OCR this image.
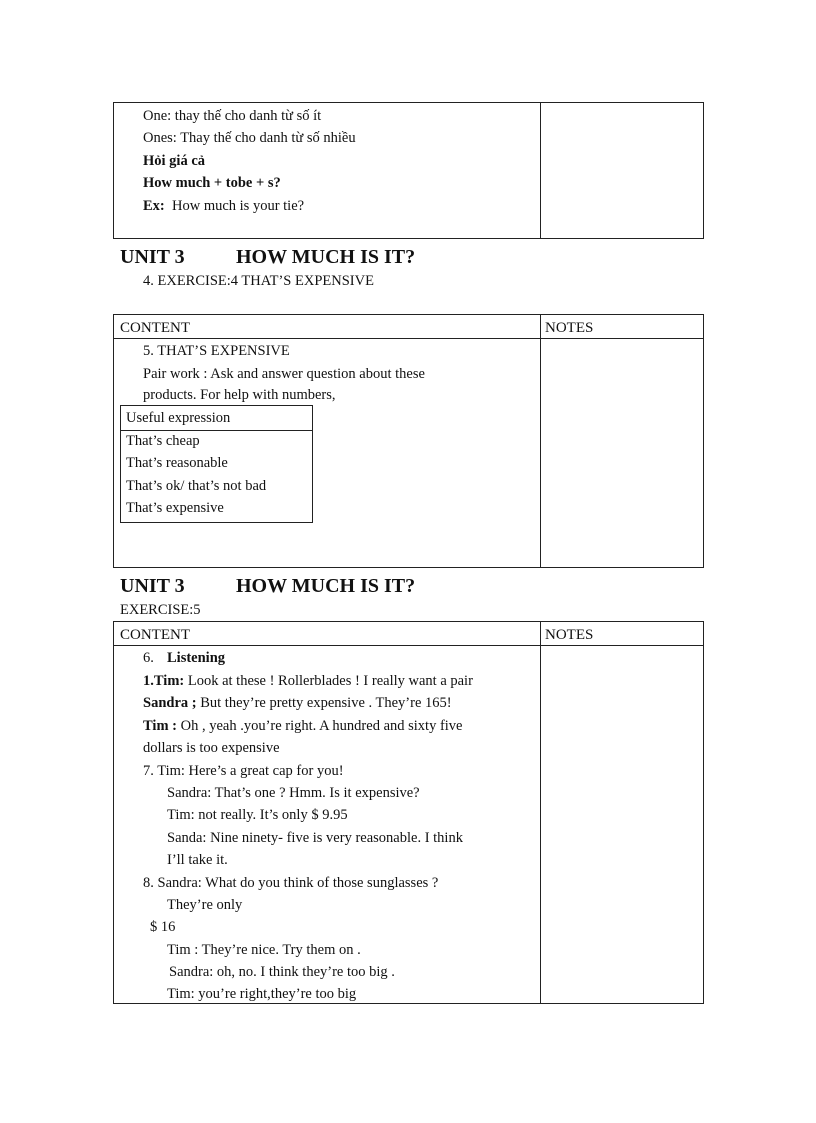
One: thay thế cho danh từ số ít
Ones: Thay thế cho danh từ số nhiều
Hỏi giá cả
How much + tobe + s?
Ex: How much is your tie?
UNIT 3	HOW MUCH IS IT?
4. EXERCISE:4 THAT’S EXPENSIVE
CONTENT	NOTES
5. THAT’S EXPENSIVE
Pair work : Ask and answer question about these
products. For help with numbers,
Useful expression
That’s cheap
That’s reasonable
That’s ok/ that’s not bad
That’s expensive
UNIT 3	HOW MUCH IS IT?
EXERCISE:5
CONTENT	NOTES
6. Listening
1.Tim: Look at these ! Rollerblades ! I really want a pair
Sandra ; But they’re pretty expensive . They’re 165!
Tim : Oh , yeah .you’re right. A hundred and sixty five
dollars is too expensive
7. Tim: Here’s a great cap for you!
Sandra: That’s one ? Hmm. Is it expensive?
Tim: not really. It’s only $ 9.95
Sanda: Nine ninety- five is very reasonable. I think
I’ll take it.
8. Sandra: What do you think of those sunglasses ?
They’re only
$ 16
Tim : They’re nice. Try them on .
Sandra: oh, no. I think they’re too big .
Tim: you’re right,they’re too big
